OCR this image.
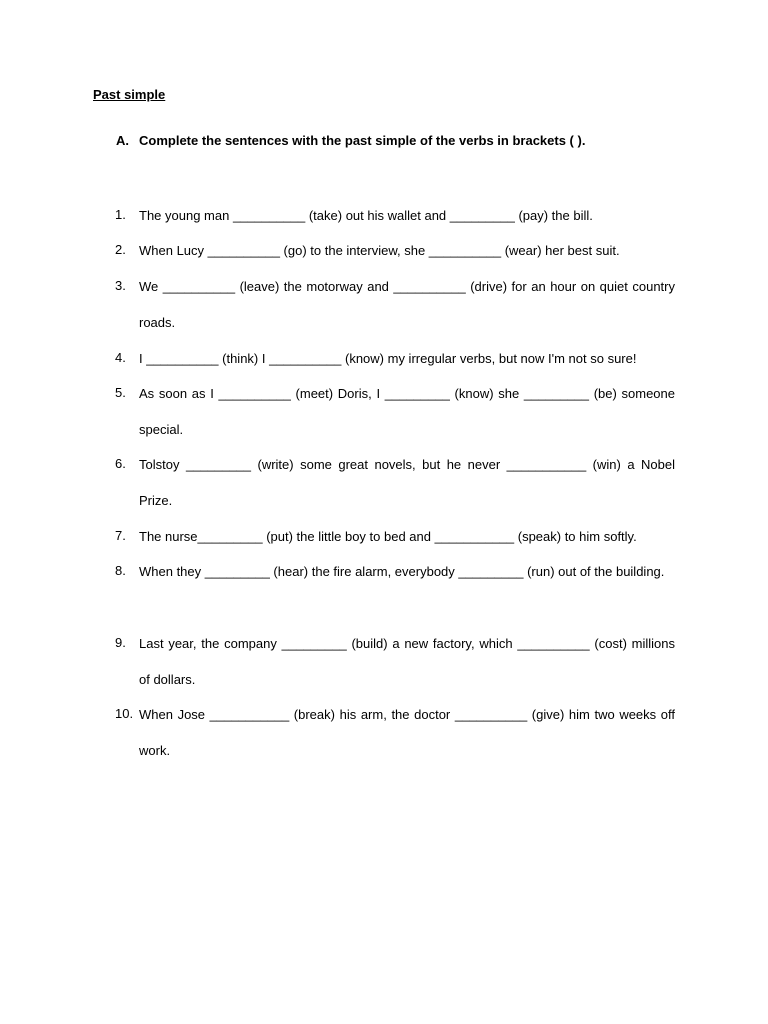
Past simple
A. Complete the sentences with the past simple of the verbs in brackets ( ).
1.	The young man __________ (take) out his wallet and _________ (pay) the bill.
2.	When Lucy __________ (go) to the interview, she __________ (wear) her best suit.
3.	We __________ (leave) the motorway and __________ (drive) for an hour on quiet country roads.
4.	I __________ (think) I __________ (know) my irregular verbs, but now I'm not so sure!
5.	As soon as I __________ (meet) Doris, I _________ (know) she _________ (be) someone special.
6.	Tolstoy _________ (write) some great novels, but he never ___________ (win) a Nobel Prize.
7.	The nurse_________ (put) the little boy to bed and ___________ (speak) to him softly.
8.	When they _________ (hear) the fire alarm, everybody _________ (run) out of the building.
9.	Last year, the company _________ (build) a new factory, which __________ (cost) millions of dollars.
10. When Jose ___________ (break) his arm, the doctor __________ (give) him two weeks off work.
